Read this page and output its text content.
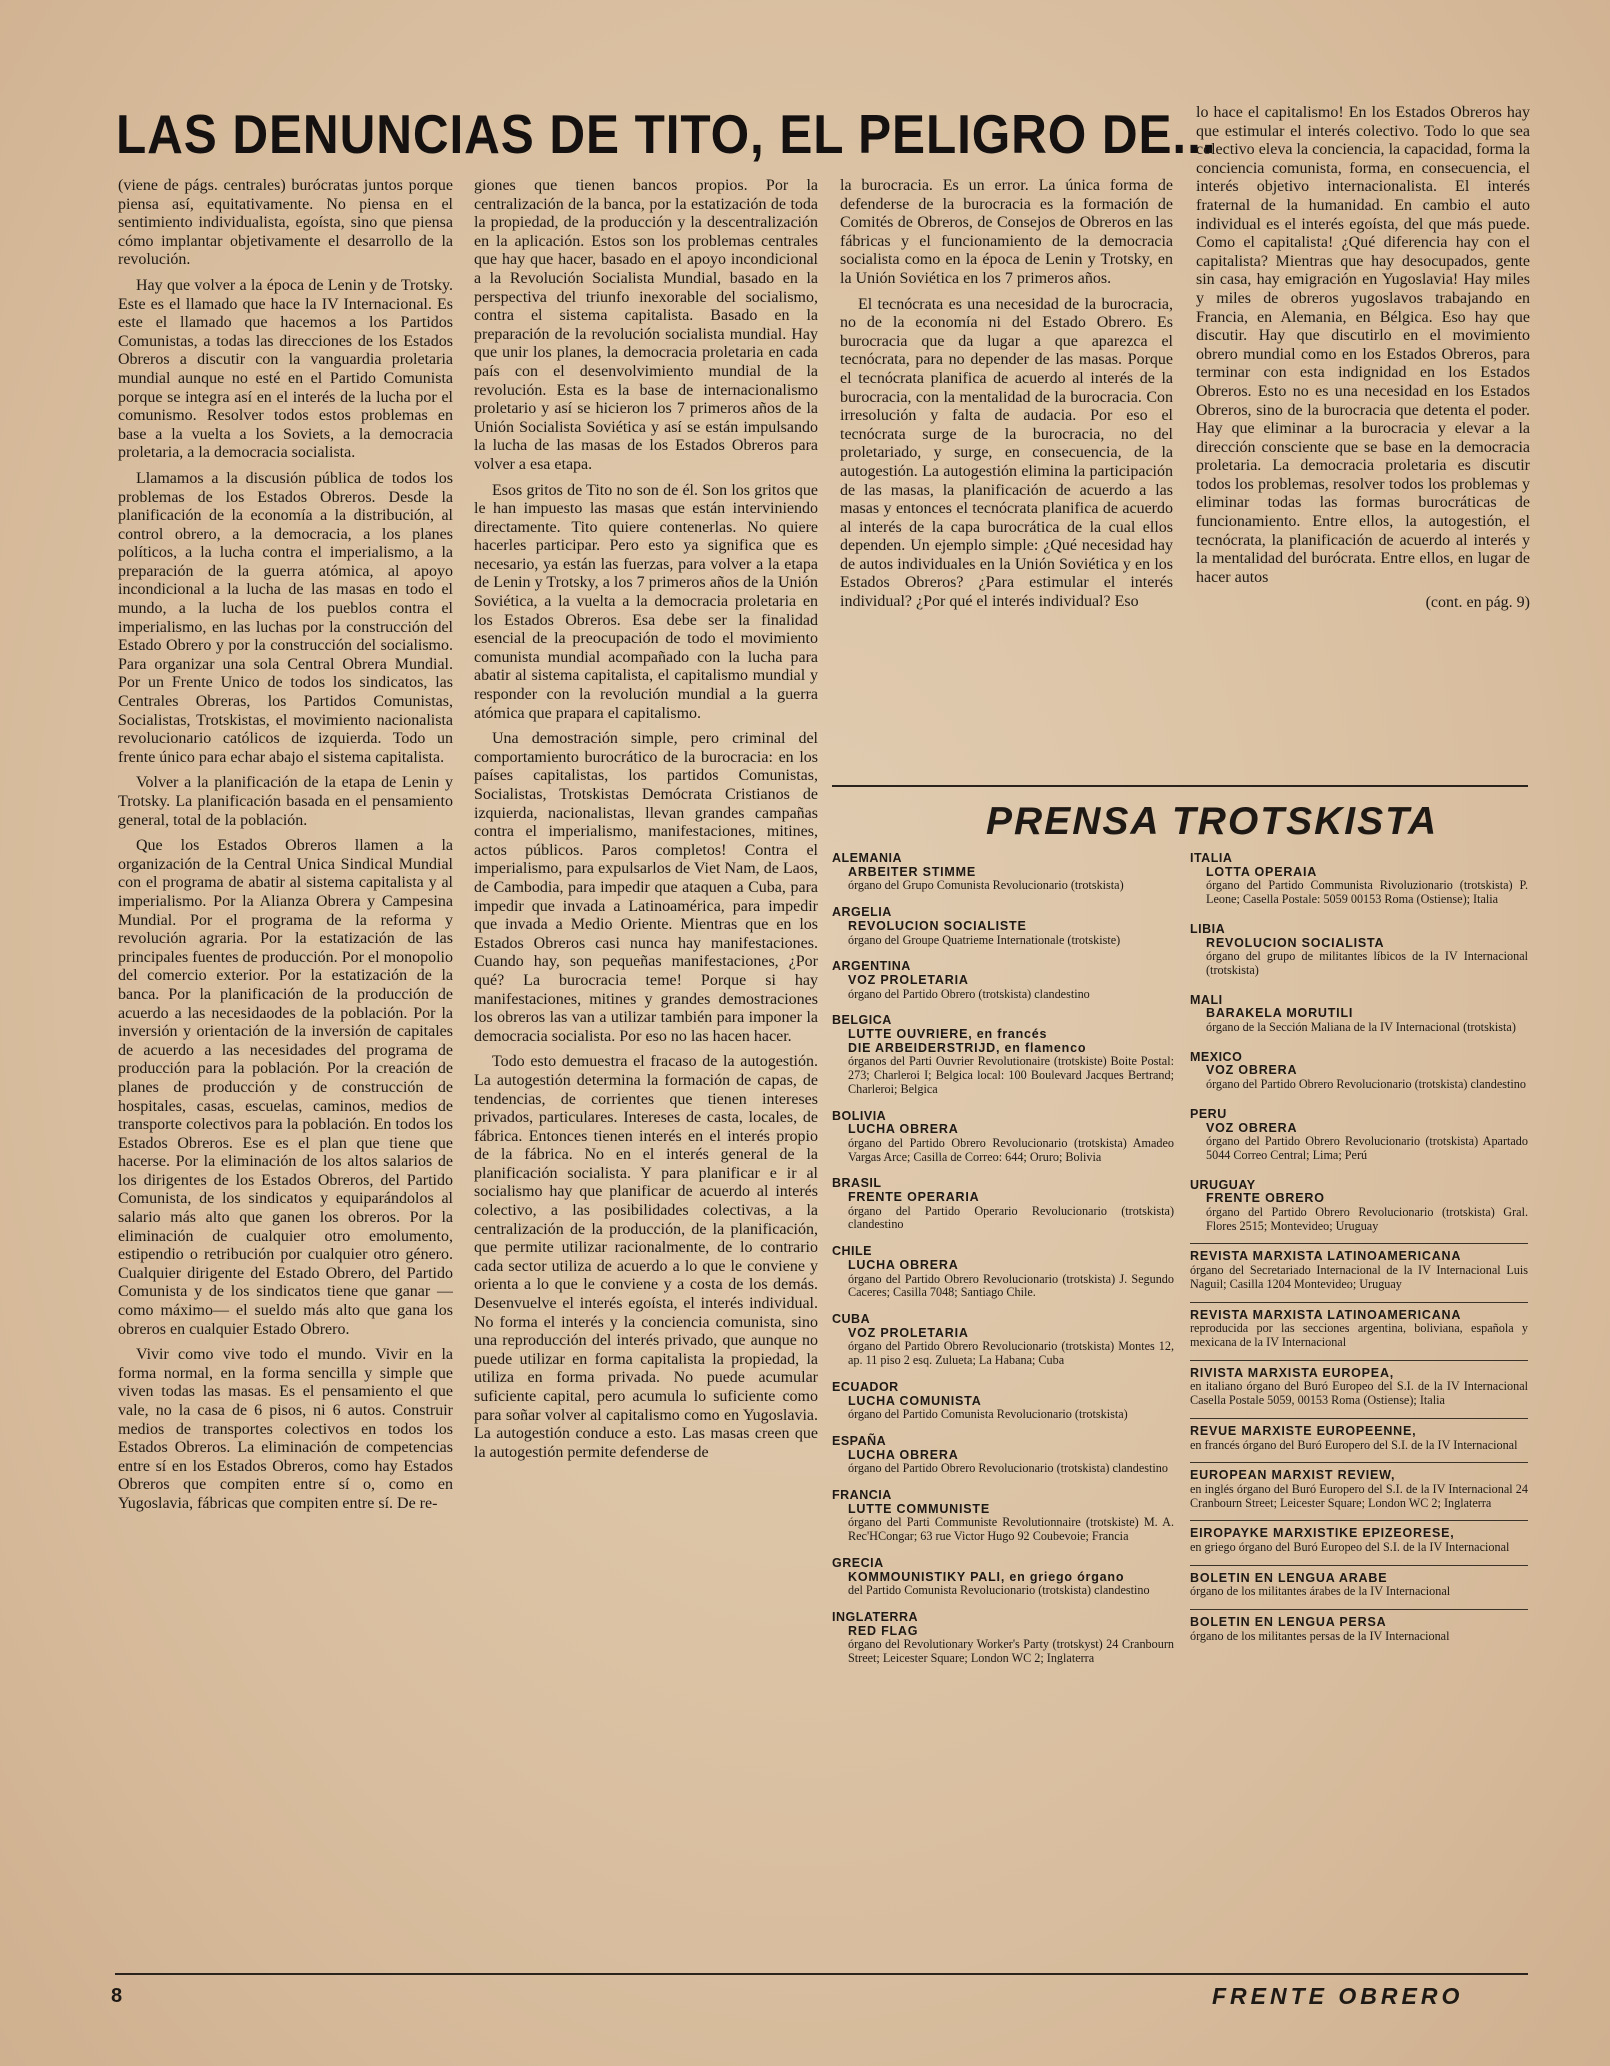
LAS DENUNCIAS DE TITO, EL PELIGRO DE...

(viene de págs. centrales) burócratas juntos porque piensa así, equitativamente. No piensa en el sentimiento individualista, egoísta, sino que piensa cómo implantar objetivamente el desarrollo de la revolución.

Hay que volver a la época de Lenin y de Trotsky. Este es el llamado que hace la IV Internacional. Es este el llamado que hacemos a los Partidos Comunistas, a todas las direcciones de los Estados Obreros a discutir con la vanguardia proletaria mundial aunque no esté en el Partido Comunista porque se integra así en el interés de la lucha por el comunismo. Resolver todos estos problemas en base a la vuelta a los Soviets, a la democracia proletaria, a la democracia socialista.

Llamamos a la discusión pública de todos los problemas de los Estados Obreros. Desde la planificación de la economía a la distribución, al control obrero, a la democracia, a los planes políticos, a la lucha contra el imperialismo, a la preparación de la guerra atómica, al apoyo incondicional a la lucha de las masas en todo el mundo, a la lucha de los pueblos contra el imperialismo, en las luchas por la construcción del Estado Obrero y por la construcción del socialismo. Para organizar una sola Central Obrera Mundial. Por un Frente Unico de todos los sindicatos, las Centrales Obreras, los Partidos Comunistas, Socialistas, Trotskistas, el movimiento nacionalista revolucionario católicos de izquierda. Todo un frente único para echar abajo el sistema capitalista.

Volver a la planificación de la etapa de Lenin y Trotsky. La planificación basada en el pensamiento general, total de la población.

Que los Estados Obreros llamen a la organización de la Central Unica Sindical Mundial con el programa de abatir al sistema capitalista y al imperialismo. Por la Alianza Obrera y Campesina Mundial. Por el programa de la reforma y revolución agraria. Por la estatización de las principales fuentes de producción. Por el monopolio del comercio exterior. Por la estatización de la banca. Por la planificación de la producción de acuerdo a las necesidaodes de la población. Por la inversión y orientación de la inversión de capitales de acuerdo a las necesidades del programa de producción para la población. Por la creación de planes de producción y de construcción de hospitales, casas, escuelas, caminos, medios de transporte colectivos para la población. En todos los Estados Obreros. Ese es el plan que tiene que hacerse. Por la eliminación de los altos salarios de los dirigentes de los Estados Obreros, del Partido Comunista, de los sindicatos y equiparándolos al salario más alto que ganen los obreros. Por la eliminación de cualquier otro emolumento, estipendio o retribución por cualquier otro género. Cualquier dirigente del Estado Obrero, del Partido Comunista y de los sindicatos tiene que ganar —como máximo— el sueldo más alto que gana los obreros en cualquier Estado Obrero.

Vivir como vive todo el mundo. Vivir en la forma normal, en la forma sencilla y simple que viven todas las masas. Es el pensamiento el que vale, no la casa de 6 pisos, ni 6 autos. Construir medios de transportes colectivos en todos los Estados Obreros. La eliminación de competencias entre sí en los Estados Obreros, como hay Estados Obreros que compiten entre sí o, como en Yugoslavia, fábricas que compiten entre sí. De re-

giones que tienen bancos propios. Por la centralización de la banca, por la estatización de toda la propiedad, de la producción y la descentralización en la aplicación. Estos son los problemas centrales que hay que hacer, basado en el apoyo incondicional a la Revolución Socialista Mundial, basado en la perspectiva del triunfo inexorable del socialismo, contra el sistema capitalista. Basado en la preparación de la revolución socialista mundial. Hay que unir los planes, la democracia proletaria en cada país con el desenvolvimiento mundial de la revolución. Esta es la base de internacionalismo proletario y así se hicieron los 7 primeros años de la Unión Socialista Soviética y así se están impulsando la lucha de las masas de los Estados Obreros para volver a esa etapa.

Esos gritos de Tito no son de él. Son los gritos que le han impuesto las masas que están interviniendo directamente. Tito quiere contenerlas. No quiere hacerles participar. Pero esto ya significa que es necesario, ya están las fuerzas, para volver a la etapa de Lenin y Trotsky, a los 7 primeros años de la Unión Soviética, a la vuelta a la democracia proletaria en los Estados Obreros. Esa debe ser la finalidad esencial de la preocupación de todo el movimiento comunista mundial acompañado con la lucha para abatir al sistema capitalista, el capitalismo mundial y responder con la revolución mundial a la guerra atómica que prapara el capitalismo.

Una demostración simple, pero criminal del comportamiento burocrático de la burocracia: en los países capitalistas, los partidos Comunistas, Socialistas, Trotskistas Demócrata Cristianos de izquierda, nacionalistas, llevan grandes campañas contra el imperialismo, manifestaciones, mitines, actos públicos. Paros completos! Contra el imperialismo, para expulsarlos de Viet Nam, de Laos, de Cambodia, para impedir que ataquen a Cuba, para impedir que invada a Latinoamérica, para impedir que invada a Medio Oriente. Mientras que en los Estados Obreros casi nunca hay manifestaciones. Cuando hay, son pequeñas manifestaciones, ¿Por qué? La burocracia teme! Porque si hay manifestaciones, mitines y grandes demostraciones los obreros las van a utilizar también para imponer la democracia socialista. Por eso no las hacen hacer.

Todo esto demuestra el fracaso de la autogestión. La autogestión determina la formación de capas, de tendencias, de corrientes que tienen intereses privados, particulares. Intereses de casta, locales, de fábrica. Entonces tienen interés en el interés propio de la fábrica. No en el interés general de la planificación socialista. Y para planificar e ir al socialismo hay que planificar de acuerdo al interés colectivo, a las posibilidades colectivas, a la centralización de la producción, de la planificación, que permite utilizar racionalmente, de lo contrario cada sector utiliza de acuerdo a lo que le conviene y orienta a lo que le conviene y a costa de los demás. Desenvuelve el interés egoísta, el interés individual. No forma el interés y la conciencia comunista, sino una reproducción del interés privado, que aunque no puede utilizar en forma capitalista la propiedad, la utiliza en forma privada. No puede acumular suficiente capital, pero acumula lo suficiente como para soñar volver al capitalismo como en Yugoslavia. La autogestión conduce a esto. Las masas creen que la autogestión permite defenderse de

la burocracia. Es un error. La única forma de defenderse de la burocracia es la formación de Comités de Obreros, de Consejos de Obreros en las fábricas y el funcionamiento de la democracia socialista como en la época de Lenin y Trotsky, en la Unión Soviética en los 7 primeros años.

El tecnócrata es una necesidad de la burocracia, no de la economía ni del Estado Obrero. Es burocracia que da lugar a que aparezca el tecnócrata, para no depender de las masas. Porque el tecnócrata planifica de acuerdo al interés de la burocracia, con la mentalidad de la burocracia. Con irresolución y falta de audacia. Por eso el tecnócrata surge de la burocracia, no del proletariado, y surge, en consecuencia, de la autogestión. La autogestión elimina la participación de las masas, la planificación de acuerdo a las masas y entonces el tecnócrata planifica de acuerdo al interés de la capa burocrática de la cual ellos dependen. Un ejemplo simple: ¿Qué necesidad hay de autos individuales en la Unión Soviética y en los Estados Obreros? ¿Para estimular el interés individual? ¿Por qué el interés individual? Eso

lo hace el capitalismo! En los Estados Obreros hay que estimular el interés colectivo. Todo lo que sea colectivo eleva la conciencia, la capacidad, forma la conciencia comunista, forma, en consecuencia, el interés objetivo internacionalista. El interés fraternal de la humanidad. En cambio el auto individual es el interés egoísta, del que más puede. Como el capitalista! ¿Qué diferencia hay con el capitalista? Mientras que hay desocupados, gente sin casa, hay emigración en Yugoslavia! Hay miles y miles de obreros yugoslavos trabajando en Francia, en Alemania, en Bélgica. Eso hay que discutir. Hay que discutirlo en el movimiento obrero mundial como en los Estados Obreros, para terminar con esta indignidad en los Estados Obreros. Esto no es una necesidad en los Estados Obreros, sino de la burocracia que detenta el poder. Hay que eliminar a la burocracia y elevar a la dirección consciente que se base en la democracia proletaria. La democracia proletaria es discutir todos los problemas, resolver todos los problemas y eliminar todas las formas burocráticas de funcionamiento. Entre ellos, la autogestión, el tecnócrata, la planificación de acuerdo al interés y la mentalidad del burócrata. Entre ellos, en lugar de hacer autos

(cont. en pág. 9)

PRENSA TROTSKISTA
ALEMANIA
ARBEITER STIMME
órgano del Grupo Comunista Revolucionario (trotskista)
ARGELIA
REVOLUCION SOCIALISTE
órgano del Groupe Quatrieme Internationale (trotskiste)
ARGENTINA
VOZ PROLETARIA
órgano del Partido Obrero (trotskista) clandestino
BELGICA
LUTTE OUVRIERE, en francés
DIE ARBEIDERSTRIJD, en flamenco
órganos del Parti Ouvrier Revolutionaire (trotskiste) Boite Postal: 273; Charleroi I; Belgica local: 100 Boulevard Jacques Bertrand; Charleroi; Belgica
BOLIVIA
LUCHA OBRERA
órgano del Partido Obrero Revolucionario (trotskista) Amadeo Vargas Arce; Casilla de Correo: 644; Oruro; Bolivia
BRASIL
FRENTE OPERARIA
órgano del Partido Operario Revolucionario (trotskista) clandestino
CHILE
LUCHA OBRERA
órgano del Partido Obrero Revolucionario (trotskista) J. Segundo Caceres; Casilla 7048; Santiago Chile.
CUBA
VOZ PROLETARIA
órgano del Partido Obrero Revolucionario (trotskista) Montes 12, ap. 11 piso 2 esq. Zulueta; La Habana; Cuba
ECUADOR
LUCHA COMUNISTA
órgano del Partido Comunista Revolucionario (trotskista)
ESPAÑA
LUCHA OBRERA
órgano del Partido Obrero Revolucionario (trotskista) clandestino
FRANCIA
LUTTE COMMUNISTE
órgano del Parti Communiste Revolutionnaire (trotskiste) M. A. Rec'HCongar; 63 rue Victor Hugo 92 Coubevoie; Francia
GRECIA
KOMMOUNISTIKY PALI, en griego órgano
del Partido Comunista Revolucionario (trotskista) clandestino
INGLATERRA
RED FLAG
órgano del Revolutionary Worker's Party (trotskyst) 24 Cranbourn Street; Leicester Square; London WC 2; Inglaterra
ITALIA
LOTTA OPERAIA
órgano del Partido Communista Rivoluzionario (trotskista) P. Leone; Casella Postale: 5059 00153 Roma (Ostiense); Italia
LIBIA
REVOLUCION SOCIALISTA
órgano del grupo de militantes líbicos de la IV Internacional (trotskista)
MALI
BARAKELA MORUTILI
órgano de la Sección Maliana de la IV Internacional (trotskista)
MEXICO
VOZ OBRERA
órgano del Partido Obrero Revolucionario (trotskista) clandestino
PERU
VOZ OBRERA
órgano del Partido Obrero Revolucionario (trotskista) Apartado 5044 Correo Central; Lima; Perú
URUGUAY
FRENTE OBRERO
órgano del Partido Obrero Revolucionario (trotskista) Gral. Flores 2515; Montevideo; Uruguay
REVISTA MARXISTA LATINOAMERICANA
órgano del Secretariado Internacional de la IV Internacional Luis Naguil; Casilla 1204 Montevideo; Uruguay
REVISTA MARXISTA LATINOAMERICANA
reproducida por las secciones argentina, boliviana, española y mexicana de la IV Internacional
RIVISTA MARXISTA EUROPEA,
en italiano órgano del Buró Europeo del S.I. de la IV Internacional Casella Postale 5059, 00153 Roma (Ostiense); Italia
REVUE MARXISTE EUROPEENNE,
en francés órgano del Buró Europero del S.I. de la IV Internacional
EUROPEAN MARXIST REVIEW,
en inglés órgano del Buró Europero del S.I. de la IV Internacional 24 Cranbourn Street; Leicester Square; London WC 2; Inglaterra
EIROPAYKE MARXISTIKE EPIZEORESE,
en griego órgano del Buró Europeo del S.I. de la IV Internacional
BOLETIN EN LENGUA ARABE
órgano de los militantes árabes de la IV Internacional
BOLETIN EN LENGUA PERSA
órgano de los militantes persas de la IV Internacional
8	FRENTE OBRERO
